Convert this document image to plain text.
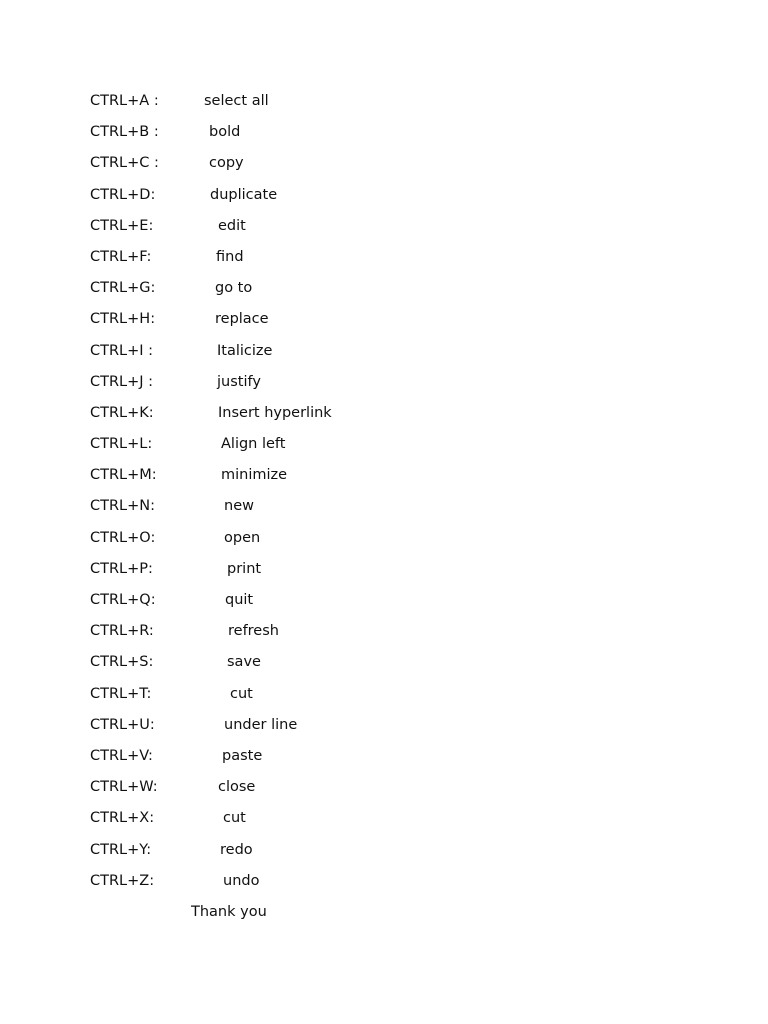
CTRL+A :	select all
CTRL+B :	bold
CTRL+C :	copy
CTRL+D:	duplicate
CTRL+E:	edit
CTRL+F:	find
CTRL+G:	go to
CTRL+H:	replace
CTRL+I :	Italicize
CTRL+J :	justify
CTRL+K:	Insert hyperlink
CTRL+L:	Align left
CTRL+M:	minimize
CTRL+N:	new
CTRL+O:	open
CTRL+P:	print
CTRL+Q:	quit
CTRL+R:	refresh
CTRL+S:	save
CTRL+T:	cut
CTRL+U:	under line
CTRL+V:	paste
CTRL+W:	close
CTRL+X:	cut
CTRL+Y:	redo
CTRL+Z:	undo
Thank you
